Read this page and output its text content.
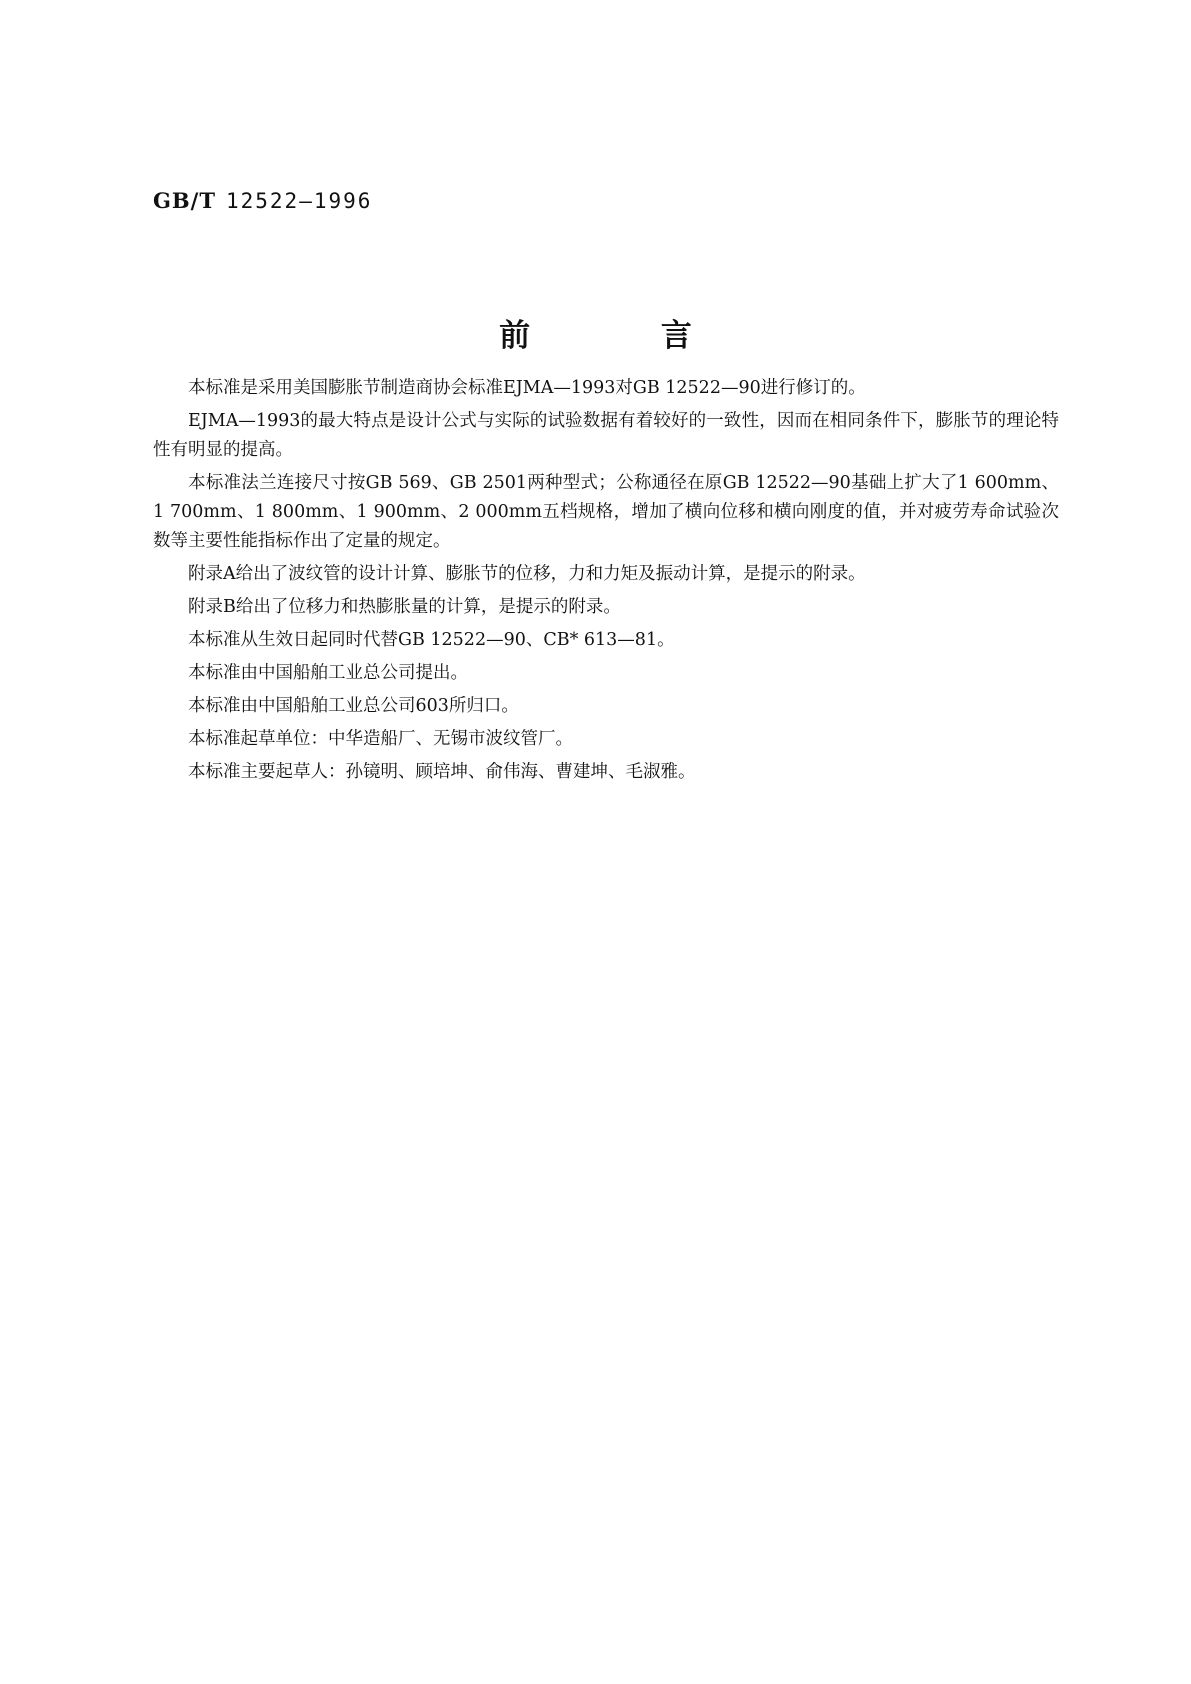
GB/T 12522—1996
前 言

本标准是采用美国膨胀节制造商协会标准EJMA—1993对GB 12522—90进行修订的。

EJMA—1993的最大特点是设计公式与实际的试验数据有着较好的一致性，因而在相同条件下，膨胀节的理论特性有明显的提高。

本标准法兰连接尺寸按GB 569、GB 2501两种型式；公称通径在原GB 12522—90基础上扩大了1 600mm、1 700mm、1 800mm、1 900mm、2 000mm五档规格，增加了横向位移和横向刚度的值，并对疲劳寿命试验次数等主要性能指标作出了定量的规定。

附录A给出了波纹管的设计计算、膨胀节的位移，力和力矩及振动计算，是提示的附录。

附录B给出了位移力和热膨胀量的计算，是提示的附录。

本标准从生效日起同时代替GB 12522—90、CB* 613—81。

本标准由中国船舶工业总公司提出。

本标准由中国船舶工业总公司603所归口。

本标准起草单位：中华造船厂、无锡市波纹管厂。

本标准主要起草人：孙镜明、顾培坤、俞伟海、曹建坤、毛淑雅。
